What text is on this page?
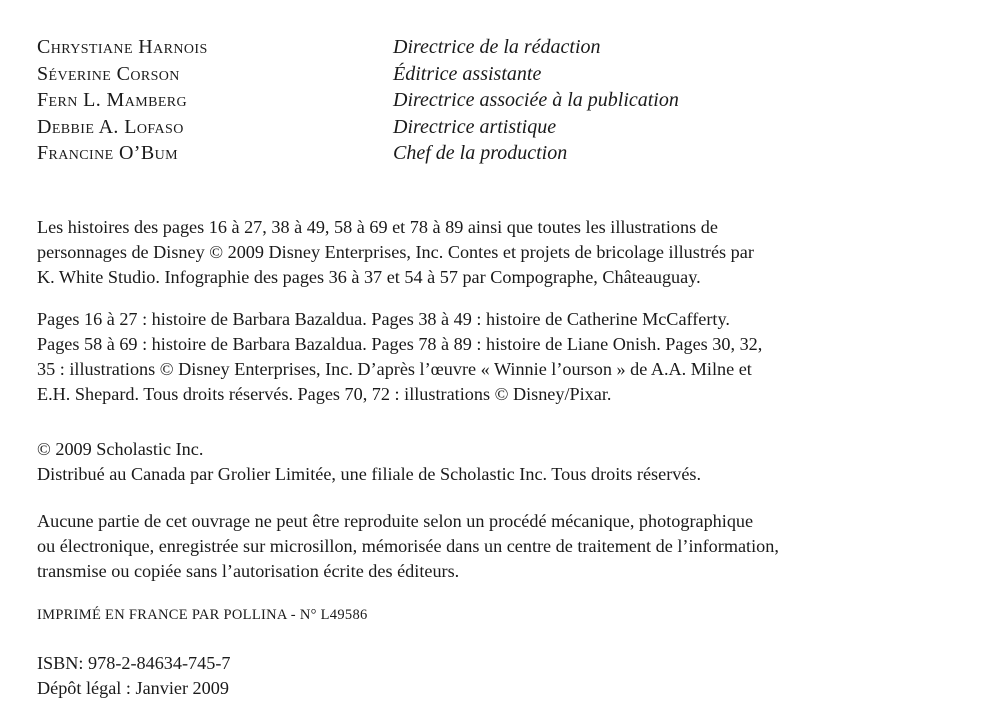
Chrystiane Harnois	Directrice de la rédaction
Séverine Corson	Éditrice assistante
Fern L. Mamberg	Directrice associée à la publication
Debbie A. Lofaso	Directrice artistique
Francine O’Bum	Chef de la production

Les histoires des pages 16 à 27, 38 à 49, 58 à 69 et 78 à 89 ainsi que toutes les illustrations de
personnages de Disney © 2009 Disney Enterprises, Inc. Contes et projets de bricolage illustrés par
K. White Studio. Infographie des pages 36 à 37 et 54 à 57 par Compographe, Châteauguay.

Pages 16 à 27 : histoire de Barbara Bazaldua. Pages 38 à 49 : histoire de Catherine McCafferty.
Pages 58 à 69 : histoire de Barbara Bazaldua. Pages 78 à 89 : histoire de Liane Onish. Pages 30, 32,
35 : illustrations © Disney Enterprises, Inc. D’après l’œuvre « Winnie l’ourson » de A.A. Milne et
E.H. Shepard. Tous droits réservés. Pages 70, 72 : illustrations © Disney/Pixar.

© 2009 Scholastic Inc.
Distribué au Canada par Grolier Limitée, une filiale de Scholastic Inc. Tous droits réservés.

Aucune partie de cet ouvrage ne peut être reproduite selon un procédé mécanique, photographique
ou électronique, enregistrée sur microsillon, mémorisée dans un centre de traitement de l’information,
transmise ou copiée sans l’autorisation écrite des éditeurs.

IMPRIMÉ EN FRANCE PAR POLLINA - N° L49586
ISBN: 978-2-84634-745-7
Dépôt légal : Janvier 2009
